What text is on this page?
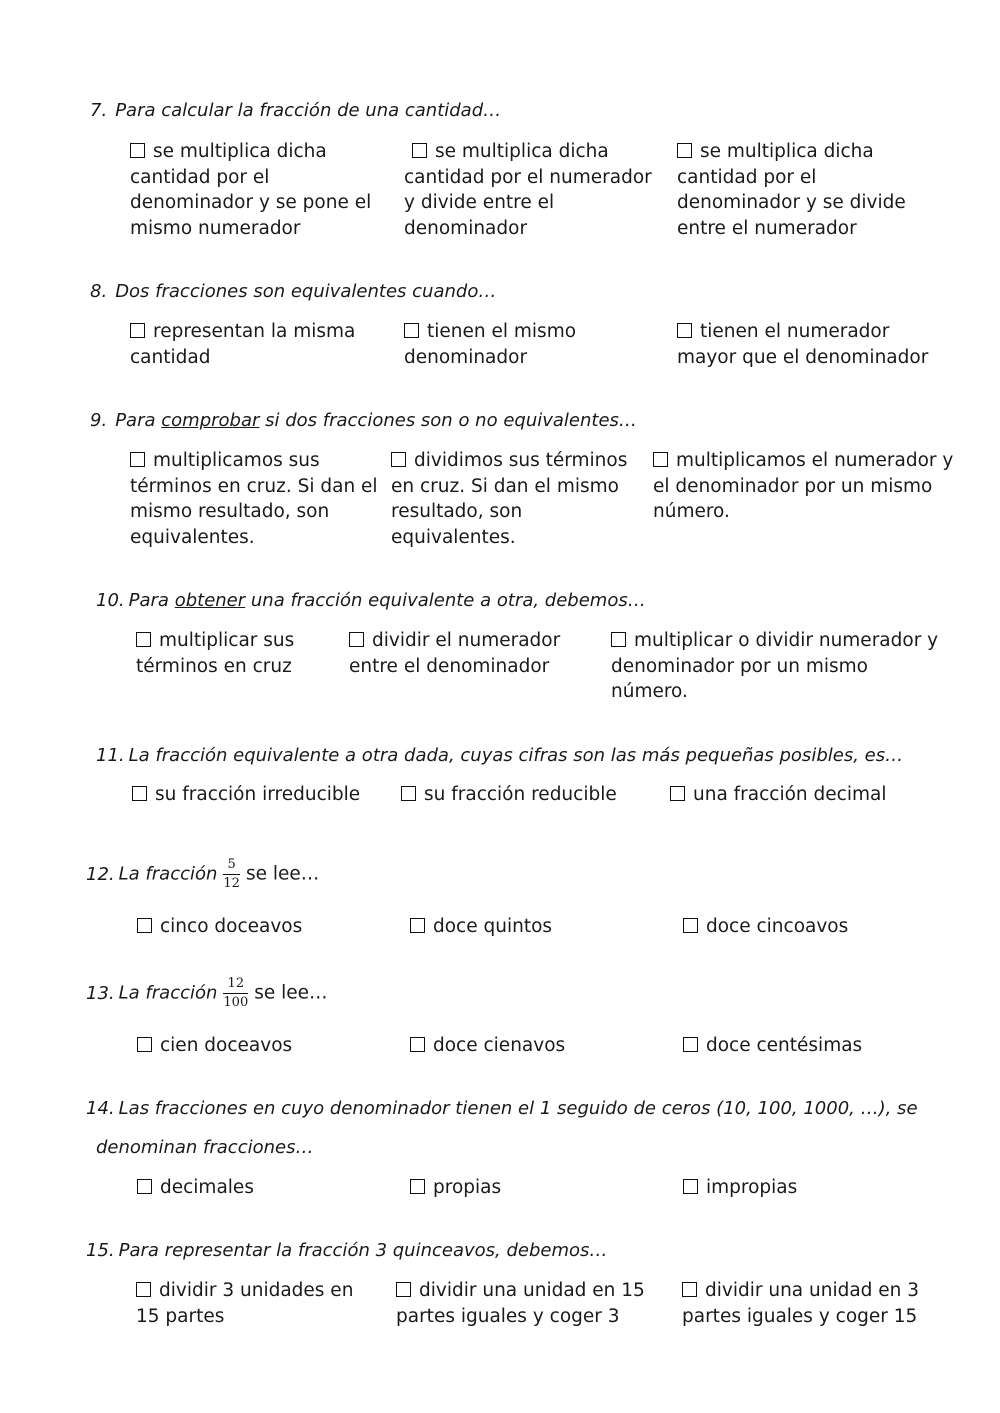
7. Para calcular la fracción de una cantidad…
se multiplica dicha cantidad por el denominador y se pone el mismo numerador
se multiplica dicha cantidad por el numerador y divide entre el denominador
se multiplica dicha cantidad por el denominador y se divide entre el numerador
8. Dos fracciones son equivalentes cuando…
representan la misma cantidad
tienen el mismo denominador
tienen el numerador mayor que el denominador
9. Para comprobar si dos fracciones son o no equivalentes…
multiplicamos sus términos en cruz. Si dan el mismo resultado, son equivalentes.
dividimos sus términos en cruz. Si dan el mismo resultado, son equivalentes.
multiplicamos el numerador y el denominador por un mismo número.
10. Para obtener una fracción equivalente a otra, debemos…
multiplicar sus términos en cruz
dividir el numerador entre el denominador
multiplicar o dividir numerador y denominador por un mismo número.
11. La fracción equivalente a otra dada, cuyas cifras son las más pequeñas posibles, es…
su fracción irreducible	su fracción reducible	una fracción decimal
12. La fracción $\frac{5}{12}$ se lee…
cinco doceavos	doce quintos	doce cincoavos
13. La fracción $\frac{12}{100}$ se lee…
cien doceavos	doce cienavos	doce centésimas
14. Las fracciones en cuyo denominador tienen el 1 seguido de ceros (10, 100, 1000, …), se
denominan fracciones…
decimales	propias	impropias
15. Para representar la fracción 3 quinceavos, debemos…
dividir 3 unidades en 15 partes
dividir una unidad en 15 partes iguales y coger 3
dividir una unidad en 3 partes iguales y coger 15
